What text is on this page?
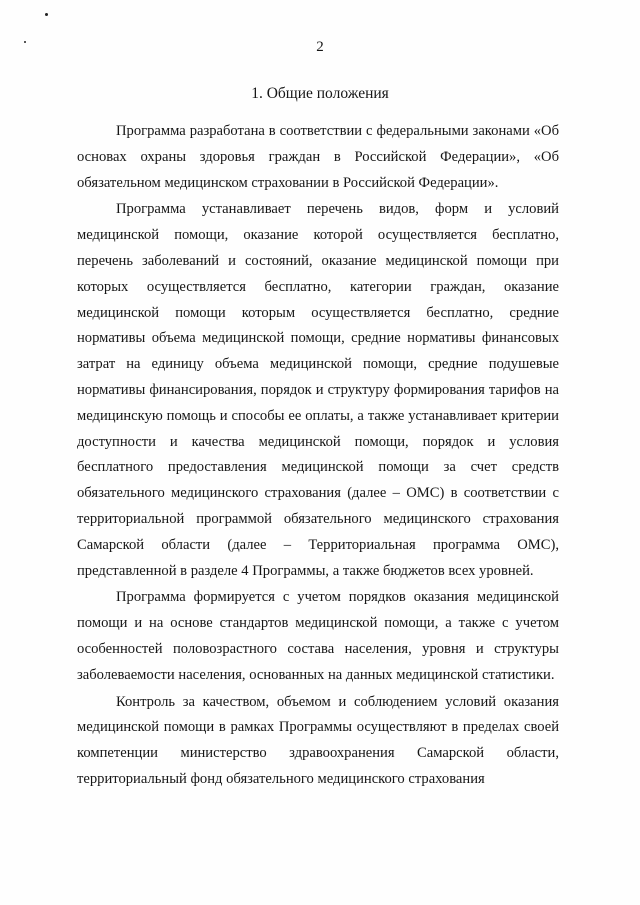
2
1. Общие положения

Программа разработана в соответствии с федеральными законами «Об основах охраны здоровья граждан в Российской Федерации», «Об обязательном медицинском страховании в Российской Федерации».

Программа устанавливает перечень видов, форм и условий медицинской помощи, оказание которой осуществляется бесплатно, перечень заболеваний и состояний, оказание медицинской помощи при которых осуществляется бесплатно, категории граждан, оказание медицинской помощи которым осуществляется бесплатно, средние нормативы объема медицинской помощи, средние нормативы финансовых затрат на единицу объема медицинской помощи, средние подушевые нормативы финансирования, порядок и структуру формирования тарифов на медицинскую помощь и способы ее оплаты, а также устанавливает критерии доступности и качества медицинской помощи, порядок и условия бесплатного предоставления медицинской помощи за счет средств обязательного медицинского страхования (далее – ОМС) в соответствии с территориальной программой обязательного медицинского страхования Самарской области (далее – Территориальная программа ОМС), представленной в разделе 4 Программы, а также бюджетов всех уровней.

Программа формируется с учетом порядков оказания медицинской помощи и на основе стандартов медицинской помощи, а также с учетом особенностей половозрастного состава населения, уровня и структуры заболеваемости населения, основанных на данных медицинской статистики.

Контроль за качеством, объемом и соблюдением условий оказания медицинской помощи в рамках Программы осуществляют в пределах своей компетенции министерство здравоохранения Самарской области, территориальный фонд обязательного медицинского страхования
